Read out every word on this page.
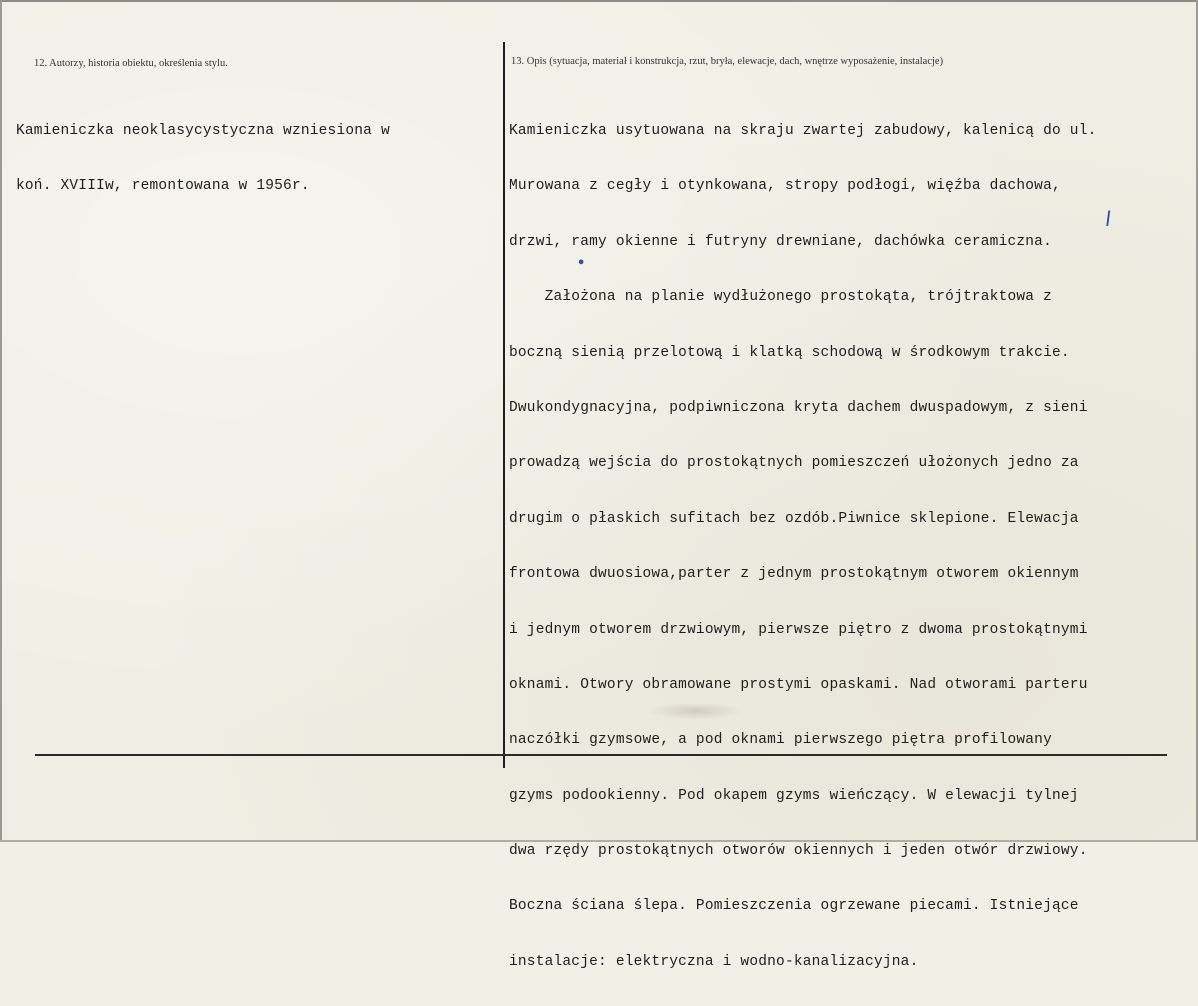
12. Autorzy, historia obiektu, określenia stylu.	13. Opis (sytuacja, materiał i konstrukcja, rzut, bryła, elewacje, dach, wnętrze wyposażenie, instalacje)

Kamieniczka neoklasycystyczna wzniesiona w

koń. XVIIIw, remontowana w 1956r.

Kamieniczka usytuowana na skraju zwartej zabudowy, kalenicą do ul.

Murowana z cegły i otynkowana, stropy podłogi, więźba dachowa,

drzwi, ramy okienne i futryny drewniane, dachówka ceramiczna.

Założona na planie wydłużonego prostokąta, trójtraktowa z

boczną sienią przelotową i klatką schodową w środkowym trakcie.

Dwukondygnacyjna, podpiwniczona kryta dachem dwuspadowym, z sieni

prowadzą wejścia do prostokątnych pomieszczeń ułożonych jedno za

drugim o płaskich sufitach bez ozdób.Piwnice sklepione. Elewacja

frontowa dwuosiowa,parter z jednym prostokątnym otworem okiennym

i jednym otworem drzwiowym, pierwsze piętro z dwoma prostokątnymi

oknami. Otwory obramowane prostymi opaskami. Nad otworami parteru

naczółki gzymsowe, a pod oknami pierwszego piętra profilowany

gzyms podookienny. Pod okapem gzyms wieńczący. W elewacji tylnej

dwa rzędy prostokątnych otworów okiennych i jeden otwór drzwiowy.

Boczna ściana ślepa. Pomieszczenia ogrzewane piecami. Istniejące

instalacje: elektryczna i wodno-kanalizacyjna.

/
•
